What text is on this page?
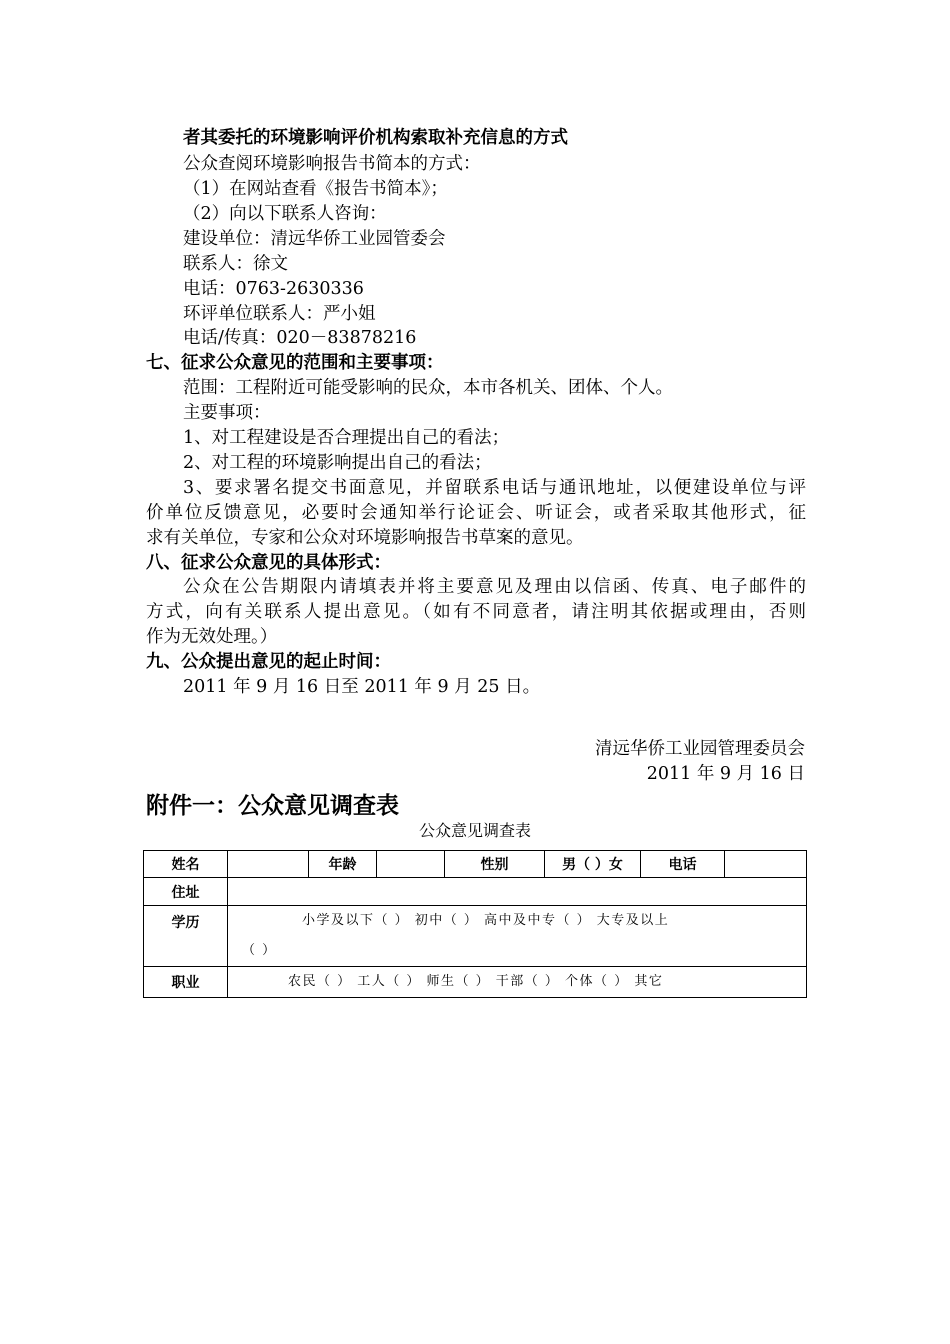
者其委托的环境影响评价机构索取补充信息的方式
公众查阅环境影响报告书简本的方式：
（1）在网站查看《报告书简本》；
（2）向以下联系人咨询：
建设单位：清远华侨工业园管委会
联系人：徐文
电话：0763-2630336
环评单位联系人：严小姐
电话/传真：020－83878216
七、征求公众意见的范围和主要事项：
范围：工程附近可能受影响的民众，本市各机关、团体、个人。
主要事项：
1、对工程建设是否合理提出自己的看法；
2、对工程的环境影响提出自己的看法；
3、要求署名提交书面意见，并留联系电话与通讯地址，以便建设单位与评
价单位反馈意见，必要时会通知举行论证会、听证会，或者采取其他形式，征
求有关单位，专家和公众对环境影响报告书草案的意见。
八、征求公众意见的具体形式：
公众在公告期限内请填表并将主要意见及理由以信函、传真、电子邮件的
方式，向有关联系人提出意见。（如有不同意者，请注明其依据或理由，否则
作为无效处理。）
九、公众提出意见的起止时间：
2011 年 9 月 16 日至 2011 年 9 月 25 日。
清远华侨工业园管理委员会
2011 年 9 月 16 日
附件一：公众意见调查表
公众意见调查表
姓名		年龄		性别	男（ ）女	电话	
住址							
学历	小学及以下（ ） 初中（ ） 高中及中专（ ） 大专及以上
（ ）						

职业	农民（ ） 工人（ ） 师生（ ） 干部（ ） 个体（ ） 其它						
